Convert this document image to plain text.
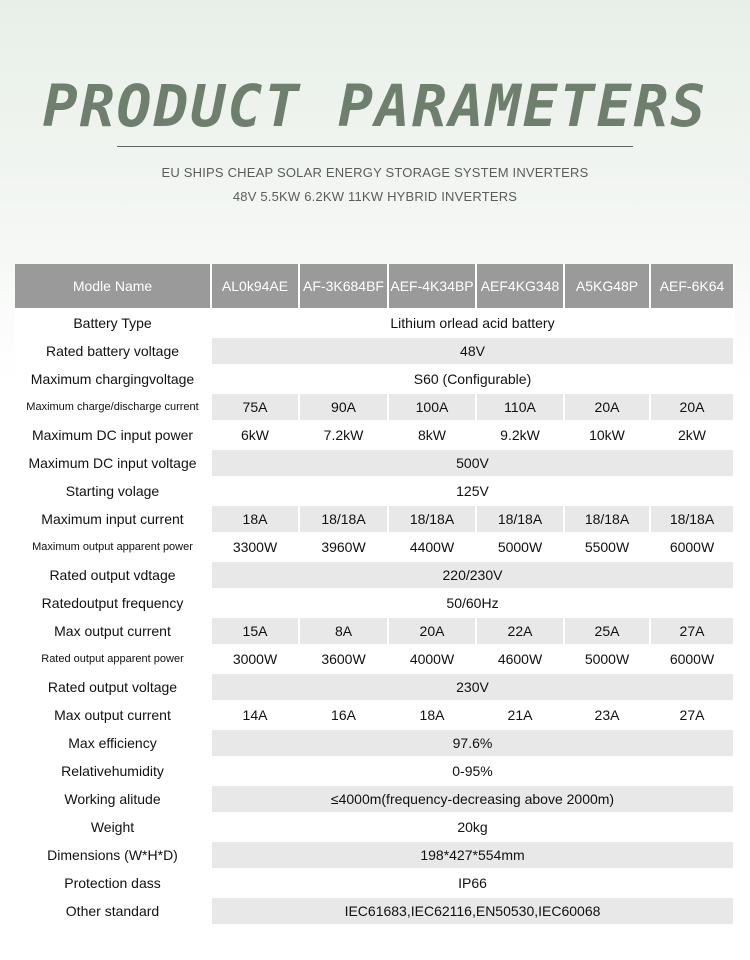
PRODUCT PARAMETERS
EU SHIPS CHEAP SOLAR ENERGY STORAGE SYSTEM INVERTERS
48V 5.5KW 6.2KW 11KW HYBRID INVERTERS
Modle Name	AL0k94AE	AF-3K684BF	AEF-4K34BP	AEF4KG348	A5KG48P	AEF-6K64
Battery Type	Lithium orlead acid battery					
Rated battery voltage	48V					
Maximum chargingvoltage	S60 (Configurable)					
Maximum charge/discharge current	75A	90A	100A	110A	20A	20A
Maximum DC input power	6kW	7.2kW	8kW	9.2kW	10kW	2kW
Maximum DC input voltage	500V					
Starting volage	125V					
Maximum input current	18A	18/18A	18/18A	18/18A	18/18A	18/18A
Maximum output apparent power	3300W	3960W	4400W	5000W	5500W	6000W
Rated output vdtage	220/230V					
Ratedoutput frequency	50/60Hz					
Max output current	15A	8A	20A	22A	25A	27A
Rated output apparent power	3000W	3600W	4000W	4600W	5000W	6000W
Rated output voltage	230V					
Max output current	14A	16A	18A	21A	23A	27A
Max efficiency	97.6%					
Relativehumidity	0-95%					
Working alitude	≤4000m(frequency-decreasing above 2000m)					
Weight	20kg					
Dimensions (W*H*D)	198*427*554mm					
Protection dass	IP66					
Other standard	IEC61683,IEC62116,EN50530,IEC60068					
